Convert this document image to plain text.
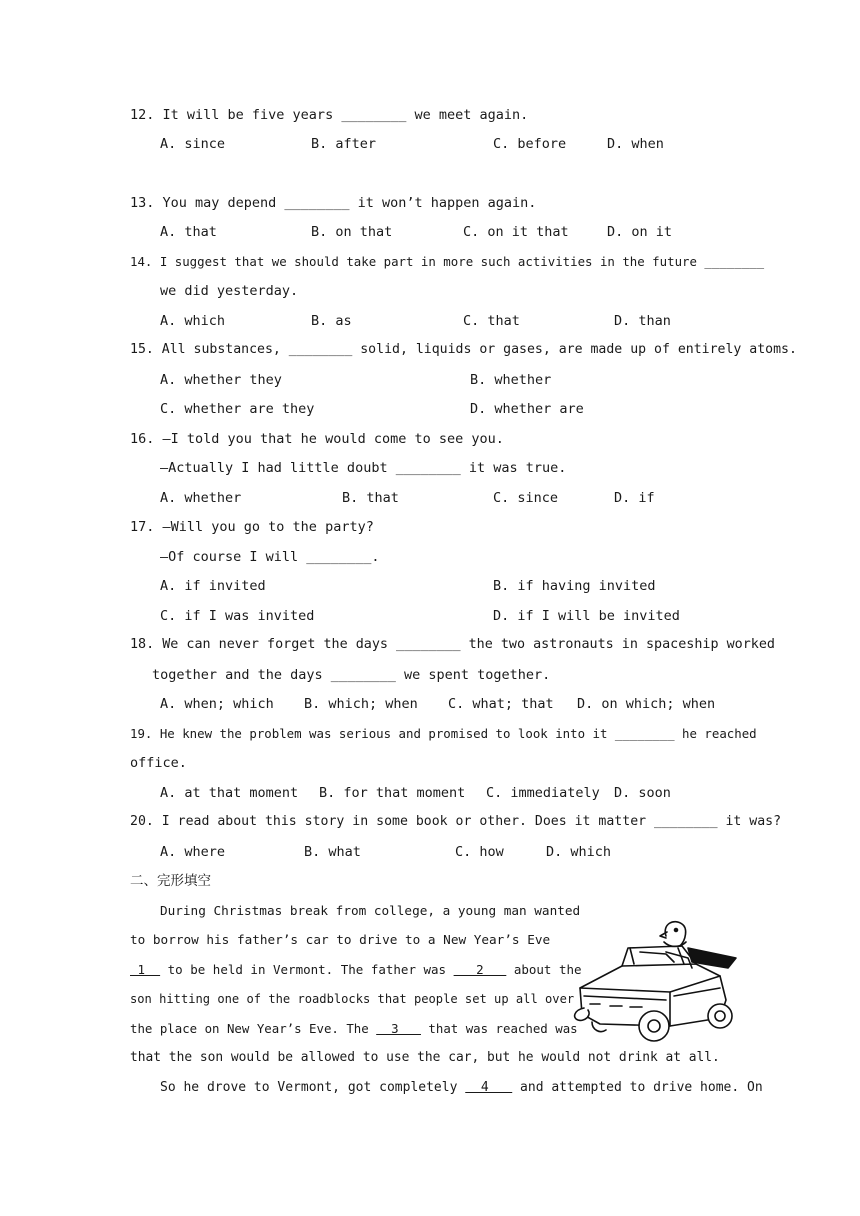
12. It will be five years ________ we meet again.
A. since	B. after	C. before	D. when
13. You may depend ________ it won’t happen again.
A. that	B. on that	C. on it that	D. on it
14. I suggest that we should take part in more such activities in the future ________
we did yesterday.
A. which	B. as	C. that	D. than
15. All substances, ________ solid, liquids or gases, are made up of entirely atoms.
A. whether they	B. whether
C. whether are they	D. whether are
16. —I told you that he would come to see you.
—Actually I had little doubt ________ it was true.
A. whether	B. that	C. since	D. if
17. —Will you go to the party?
—Of course I will ________.
A. if invited	B. if having invited
C. if I was invited	D. if I will be invited
18. We can never forget the days ________ the two astronauts in spaceship worked
together and the days ________ we spent together.
A. when; which B. which; when C. what; that D. on which; when
19. He knew the problem was serious and promised to look into it ________ he reached
office.
A. at that moment B. for that moment C. immediately D. soon
20. I read about this story in some book or other. Does it matter ________ it was?
A. where	B. what	C. how	D. which
二、完形填空
During Christmas break from college, a young man wanted
to borrow his father’s car to drive to a New Year’s Eve
1   to be held in Vermont. The father was    2    about the
son hitting one of the roadblocks that people set up all over
the place on New Year’s Eve. The   3    that was reached was
that the son would be allowed to use the car, but he would not drink at all.
So he drove to Vermont, got completely   4    and attempted to drive home. On
